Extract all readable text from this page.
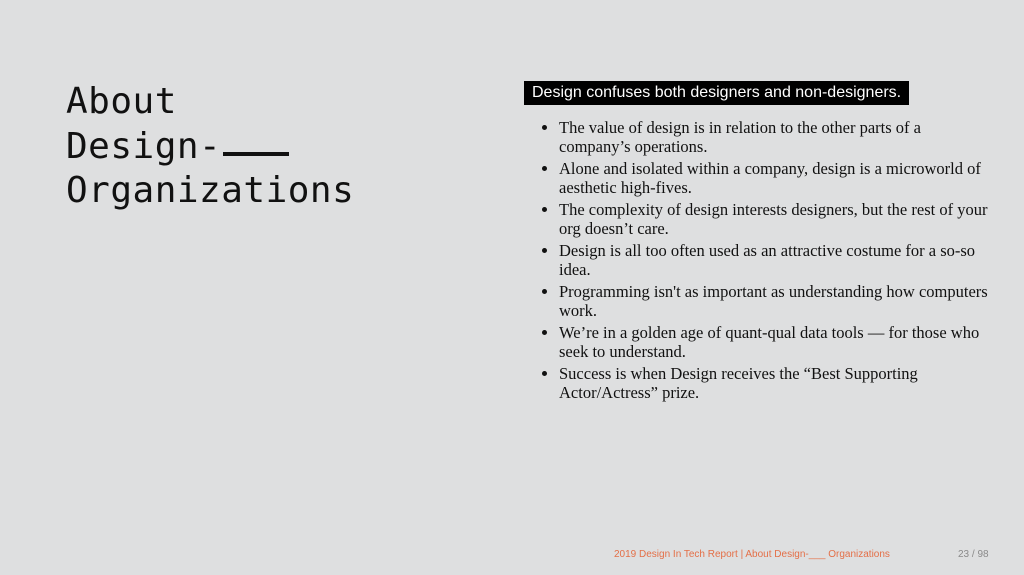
About
Design-
Organizations
Design confuses both designers and non-designers.
• The value of design is in relation to the other parts of a company’s operations.
• Alone and isolated within a company, design is a microworld of aesthetic high-fives.
• The complexity of design interests designers, but the rest of your org doesn’t care.
• Design is all too often used as an attractive costume for a so-so idea.
• Programming isn't as important as understanding how computers work.
• We’re in a golden age of quant-qual data tools — for those who seek to understand.
• Success is when Design receives the “Best Supporting Actor/Actress” prize.
2019 Design In Tech Report | About Design-___ Organizations	23 / 98
